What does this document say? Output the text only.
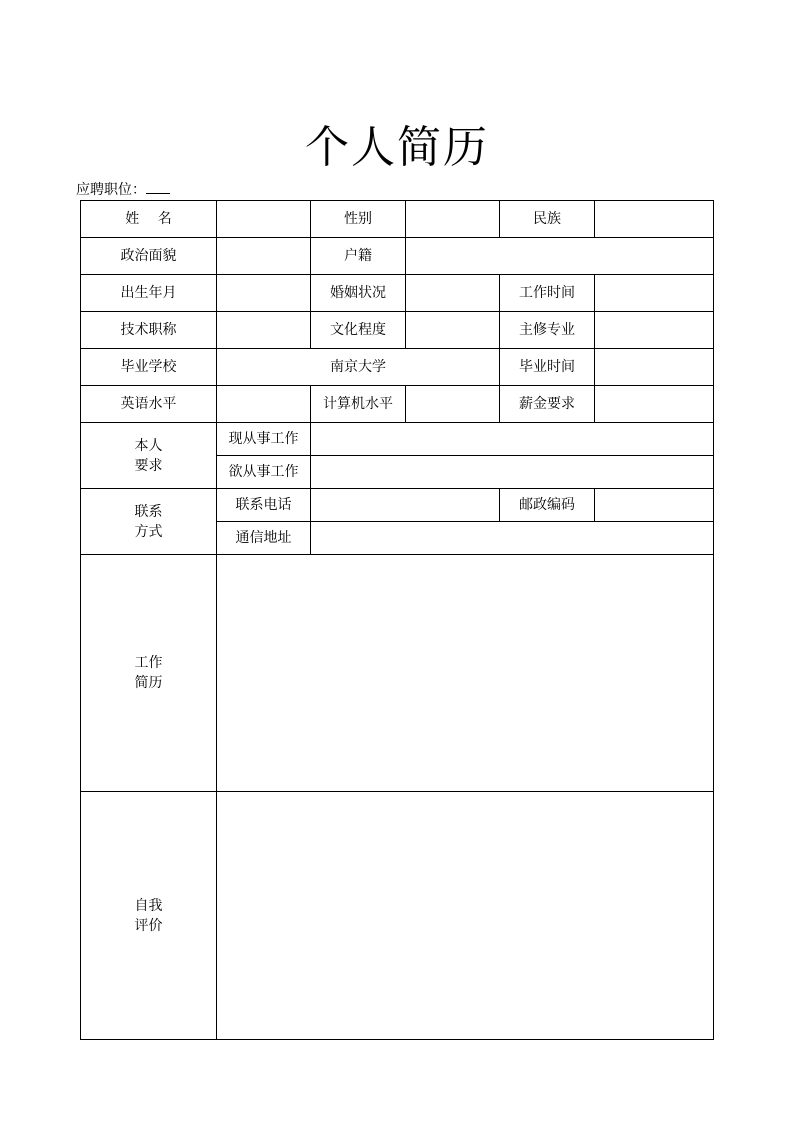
个人简历
应聘职位：
姓　 名		性别		民族	
政治面貌		户籍			
出生年月		婚姻状况		工作时间	
技术职称		文化程度		主修专业	
毕业学校	南京大学			毕业时间	
英语水平		计算机水平		薪金要求	

本人
要求	现从事工作				
	欲从事工作				

联系
方式	联系电话			邮政编码	
	通信地址				

工作
简历					

自我
评价					
